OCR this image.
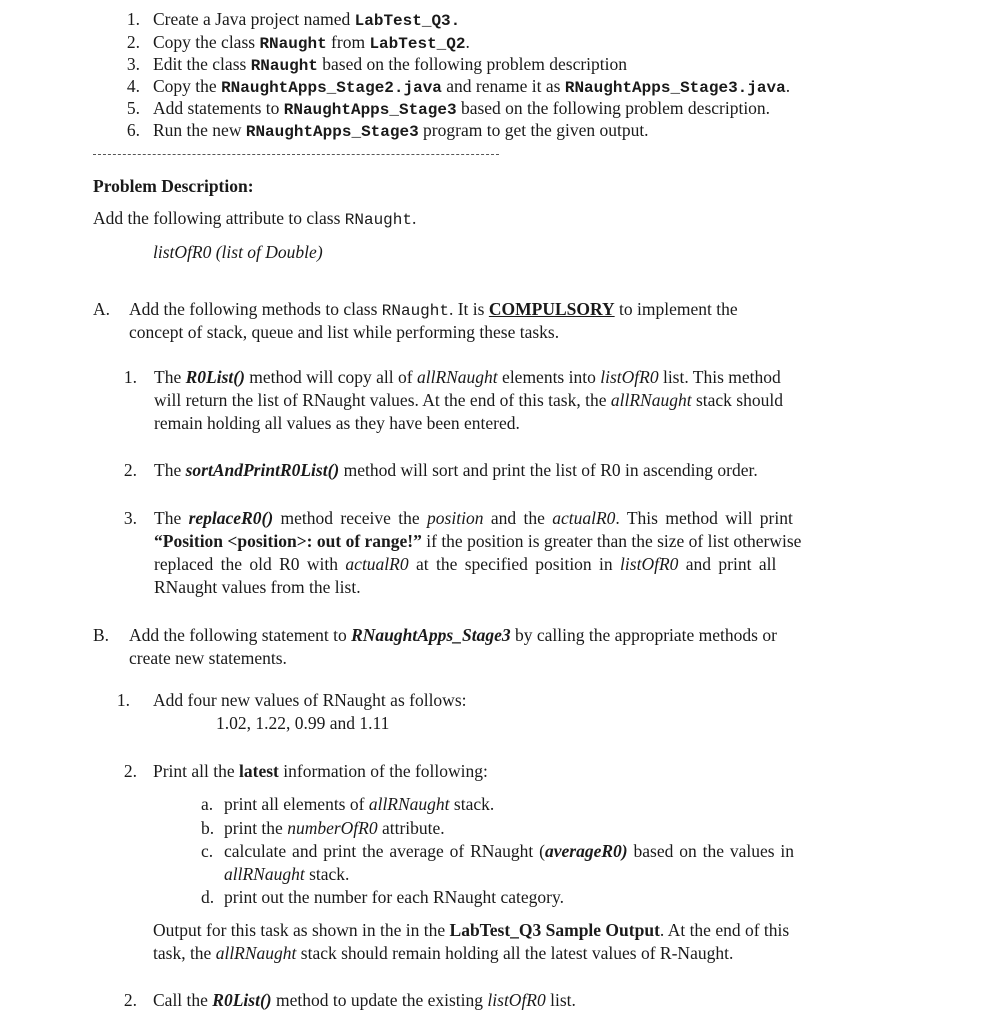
1. Create a Java project named LabTest_Q3.
2. Copy the class RNaught from LabTest_Q2.
3. Edit the class RNaught based on the following problem description
4. Copy the RNaughtApps_Stage2.java and rename it as RNaughtApps_Stage3.java.
5. Add statements to RNaughtApps_Stage3 based on the following problem description.
6. Run the new RNaughtApps_Stage3 program to get the given output.
Problem Description:
Add the following attribute to class RNaught.
listOfR0 (list of Double)
A. Add the following methods to class RNaught. It is COMPULSORY to implement the
concept of stack, queue and list while performing these tasks.
1. The R0List() method will copy all of allRNaught elements into listOfR0 list. This method
will return the list of RNaught values. At the end of this task, the allRNaught stack should
remain holding all values as they have been entered.
2. The sortAndPrintR0List() method will sort and print the list of R0 in ascending order.
3. The replaceR0() method receive the position and the actualR0. This method will print
“Position <position>: out of range!” if the position is greater than the size of list otherwise
replaced the old R0 with actualR0 at the specified position in listOfR0 and print all
RNaught values from the list.
B. Add the following statement to RNaughtApps_Stage3 by calling the appropriate methods or
create new statements.
1. Add four new values of RNaught as follows:
1.02, 1.22, 0.99 and 1.11
2. Print all the latest information of the following:
a. print all elements of allRNaught stack.
b. print the numberOfR0 attribute.
c. calculate and print the average of RNaught (averageR0) based on the values in
allRNaught stack.
d. print out the number for each RNaught category.
Output for this task as shown in the in the LabTest_Q3 Sample Output. At the end of this
task, the allRNaught stack should remain holding all the latest values of R-Naught.
2. Call the R0List() method to update the existing listOfR0 list.
